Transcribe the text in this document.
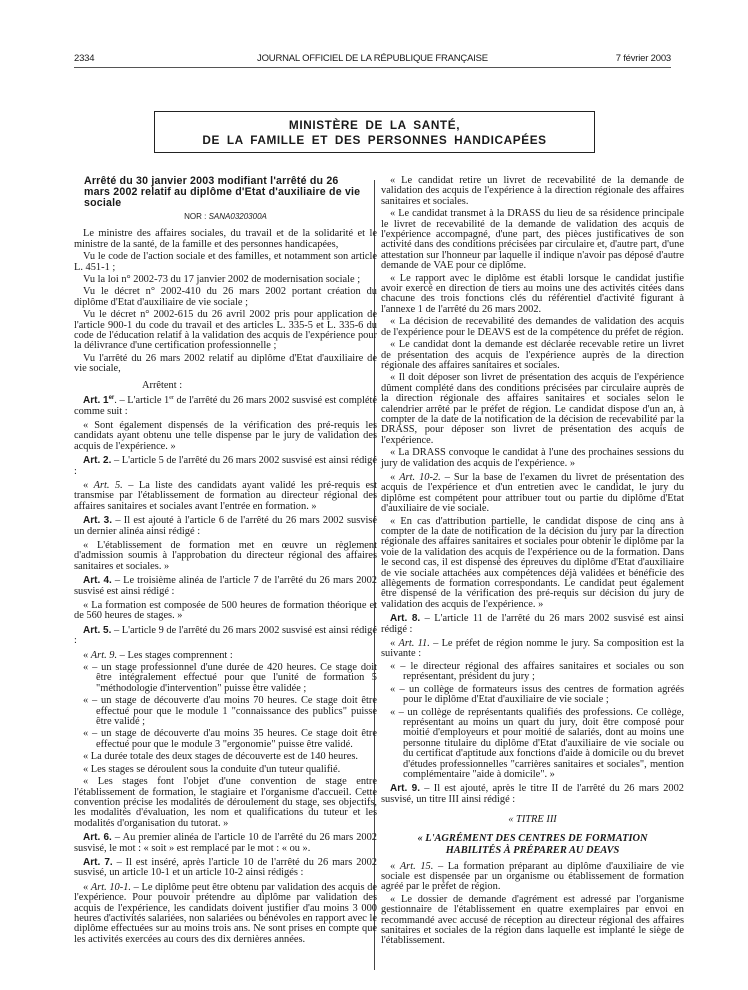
2334	JOURNAL OFFICIEL DE LA RÉPUBLIQUE FRANÇAISE	7 février 2003
MINISTÈRE DE LA SANTÉ,
DE LA FAMILLE ET DES PERSONNES HANDICAPÉES

Arrêté du 30 janvier 2003 modifiant l'arrêté du 26 mars 2002 relatif au diplôme d'Etat d'auxiliaire de vie sociale

NOR : SANA0320300A

Le ministre des affaires sociales, du travail et de la solidarité et le ministre de la santé, de la famille et des personnes handicapées,

Vu le code de l'action sociale et des familles, et notamment son article L. 451-1 ;

Vu la loi n° 2002-73 du 17 janvier 2002 de modernisation sociale ;

Vu le décret n° 2002-410 du 26 mars 2002 portant création du diplôme d'Etat d'auxiliaire de vie sociale ;

Vu le décret n° 2002-615 du 26 avril 2002 pris pour application de l'article 900-1 du code du travail et des articles L. 335-5 et L. 335-6 du code de l'éducation relatif à la validation des acquis de l'expérience pour la délivrance d'une certification professionnelle ;

Vu l'arrêté du 26 mars 2002 relatif au diplôme d'Etat d'auxiliaire de vie sociale,

Arrêtent :

Art. 1er. – L'article 1er de l'arrêté du 26 mars 2002 susvisé est complété comme suit :

« Sont également dispensés de la vérification des pré-requis les candidats ayant obtenu une telle dispense par le jury de validation des acquis de l'expérience. »

Art. 2. – L'article 5 de l'arrêté du 26 mars 2002 susvisé est ainsi rédigé :

« Art. 5. – La liste des candidats ayant validé les pré-requis est transmise par l'établissement de formation au directeur régional des affaires sanitaires et sociales avant l'entrée en formation. »

Art. 3. – Il est ajouté à l'article 6 de l'arrêté du 26 mars 2002 susvisé un dernier alinéa ainsi rédigé :

« L'établissement de formation met en œuvre un règlement d'admission soumis à l'approbation du directeur régional des affaires sanitaires et sociales. »

Art. 4. – Le troisième alinéa de l'article 7 de l'arrêté du 26 mars 2002 susvisé est ainsi rédigé :

« La formation est composée de 500 heures de formation théorique et de 560 heures de stages. »

Art. 5. – L'article 9 de l'arrêté du 26 mars 2002 susvisé est ainsi rédigé :

« Art. 9. – Les stages comprennent :

« – un stage professionnel d'une durée de 420 heures. Ce stage doit être intégralement effectué pour que l'unité de formation 5 "méthodologie d'intervention" puisse être validée ;

« – un stage de découverte d'au moins 70 heures. Ce stage doit être effectué pour que le module 1 "connaissance des publics" puisse être validé ;

« – un stage de découverte d'au moins 35 heures. Ce stage doit être effectué pour que le module 3 "ergonomie" puisse être validé.

« La durée totale des deux stages de découverte est de 140 heures.

« Les stages se déroulent sous la conduite d'un tuteur qualifié.

« Les stages font l'objet d'une convention de stage entre l'établissement de formation, le stagiaire et l'organisme d'accueil. Cette convention précise les modalités de déroulement du stage, ses objectifs, les modalités d'évaluation, les nom et qualifications du tuteur et les modalités d'organisation du tutorat. »

Art. 6. – Au premier alinéa de l'article 10 de l'arrêté du 26 mars 2002 susvisé, le mot : « soit » est remplacé par le mot : « ou ».

Art. 7. – Il est inséré, après l'article 10 de l'arrêté du 26 mars 2002 susvisé, un article 10-1 et un article 10-2 ainsi rédigés :

« Art. 10-1. – Le diplôme peut être obtenu par validation des acquis de l'expérience. Pour pouvoir prétendre au diplôme par validation des acquis de l'expérience, les candidats doivent justifier d'au moins 3 000 heures d'activités salariées, non salariées ou bénévoles en rapport avec le diplôme effectuées sur au moins trois ans. Ne sont prises en compte que les activités exercées au cours des dix dernières années.

« Le candidat retire un livret de recevabilité de la demande de validation des acquis de l'expérience à la direction régionale des affaires sanitaires et sociales.

« Le candidat transmet à la DRASS du lieu de sa résidence principale le livret de recevabilité de la demande de validation des acquis de l'expérience accompagné, d'une part, des pièces justificatives de son activité dans des conditions précisées par circulaire et, d'autre part, d'une attestation sur l'honneur par laquelle il indique n'avoir pas déposé d'autre demande de VAE pour ce diplôme.

« Le rapport avec le diplôme est établi lorsque le candidat justifie avoir exercé en direction de tiers au moins une des activités citées dans chacune des trois fonctions clés du référentiel d'activité figurant à l'annexe 1 de l'arrêté du 26 mars 2002.

« La décision de recevabilité des demandes de validation des acquis de l'expérience pour le DEAVS est de la compétence du préfet de région.

« Le candidat dont la demande est déclarée recevable retire un livret de présentation des acquis de l'expérience auprès de la direction régionale des affaires sanitaires et sociales.

« Il doit déposer son livret de présentation des acquis de l'expérience dûment complété dans des conditions précisées par circulaire auprès de la direction régionale des affaires sanitaires et sociales selon le calendrier arrêté par le préfet de région. Le candidat dispose d'un an, à compter de la date de la notification de la décision de recevabilité par la DRASS, pour déposer son livret de présentation des acquis de l'expérience.

« La DRASS convoque le candidat à l'une des prochaines sessions du jury de validation des acquis de l'expérience. »

« Art. 10-2. – Sur la base de l'examen du livret de présentation des acquis de l'expérience et d'un entretien avec le candidat, le jury du diplôme est compétent pour attribuer tout ou partie du diplôme d'Etat d'auxiliaire de vie sociale.

« En cas d'attribution partielle, le candidat dispose de cinq ans à compter de la date de notification de la décision du jury par la direction régionale des affaires sanitaires et sociales pour obtenir le diplôme par la voie de la validation des acquis de l'expérience ou de la formation. Dans le second cas, il est dispensé des épreuves du diplôme d'Etat d'auxiliaire de vie sociale attachées aux compétences déjà validées et bénéficie des allègements de formation correspondants. Le candidat peut également être dispensé de la vérification des pré-requis sur décision du jury de validation des acquis de l'expérience. »

Art. 8. – L'article 11 de l'arrêté du 26 mars 2002 susvisé est ainsi rédigé :

« Art. 11. – Le préfet de région nomme le jury. Sa composition est la suivante :

« – le directeur régional des affaires sanitaires et sociales ou son représentant, président du jury ;

« – un collège de formateurs issus des centres de formation agréés pour le diplôme d'Etat d'auxiliaire de vie sociale ;

« – un collège de représentants qualifiés des professions. Ce collège, représentant au moins un quart du jury, doit être composé pour moitié d'employeurs et pour moitié de salariés, dont au moins une personne titulaire du diplôme d'Etat d'auxiliaire de vie sociale ou du certificat d'aptitude aux fonctions d'aide à domicile ou du brevet d'études professionnelles "carrières sanitaires et sociales", mention complémentaire "aide à domicile". »

Art. 9. – Il est ajouté, après le titre II de l'arrêté du 26 mars 2002 susvisé, un titre III ainsi rédigé :

« TITRE III

« L'AGRÉMENT DES CENTRES DE FORMATION
HABILITÉS À PRÉPARER AU DEAVS

« Art. 15. – La formation préparant au diplôme d'auxiliaire de vie sociale est dispensée par un organisme ou établissement de formation agréé par le préfet de région.

« Le dossier de demande d'agrément est adressé par l'organisme gestionnaire de l'établissement en quatre exemplaires par envoi en recommandé avec accusé de réception au directeur régional des affaires sanitaires et sociales de la région dans laquelle est implanté le siège de l'établissement.
